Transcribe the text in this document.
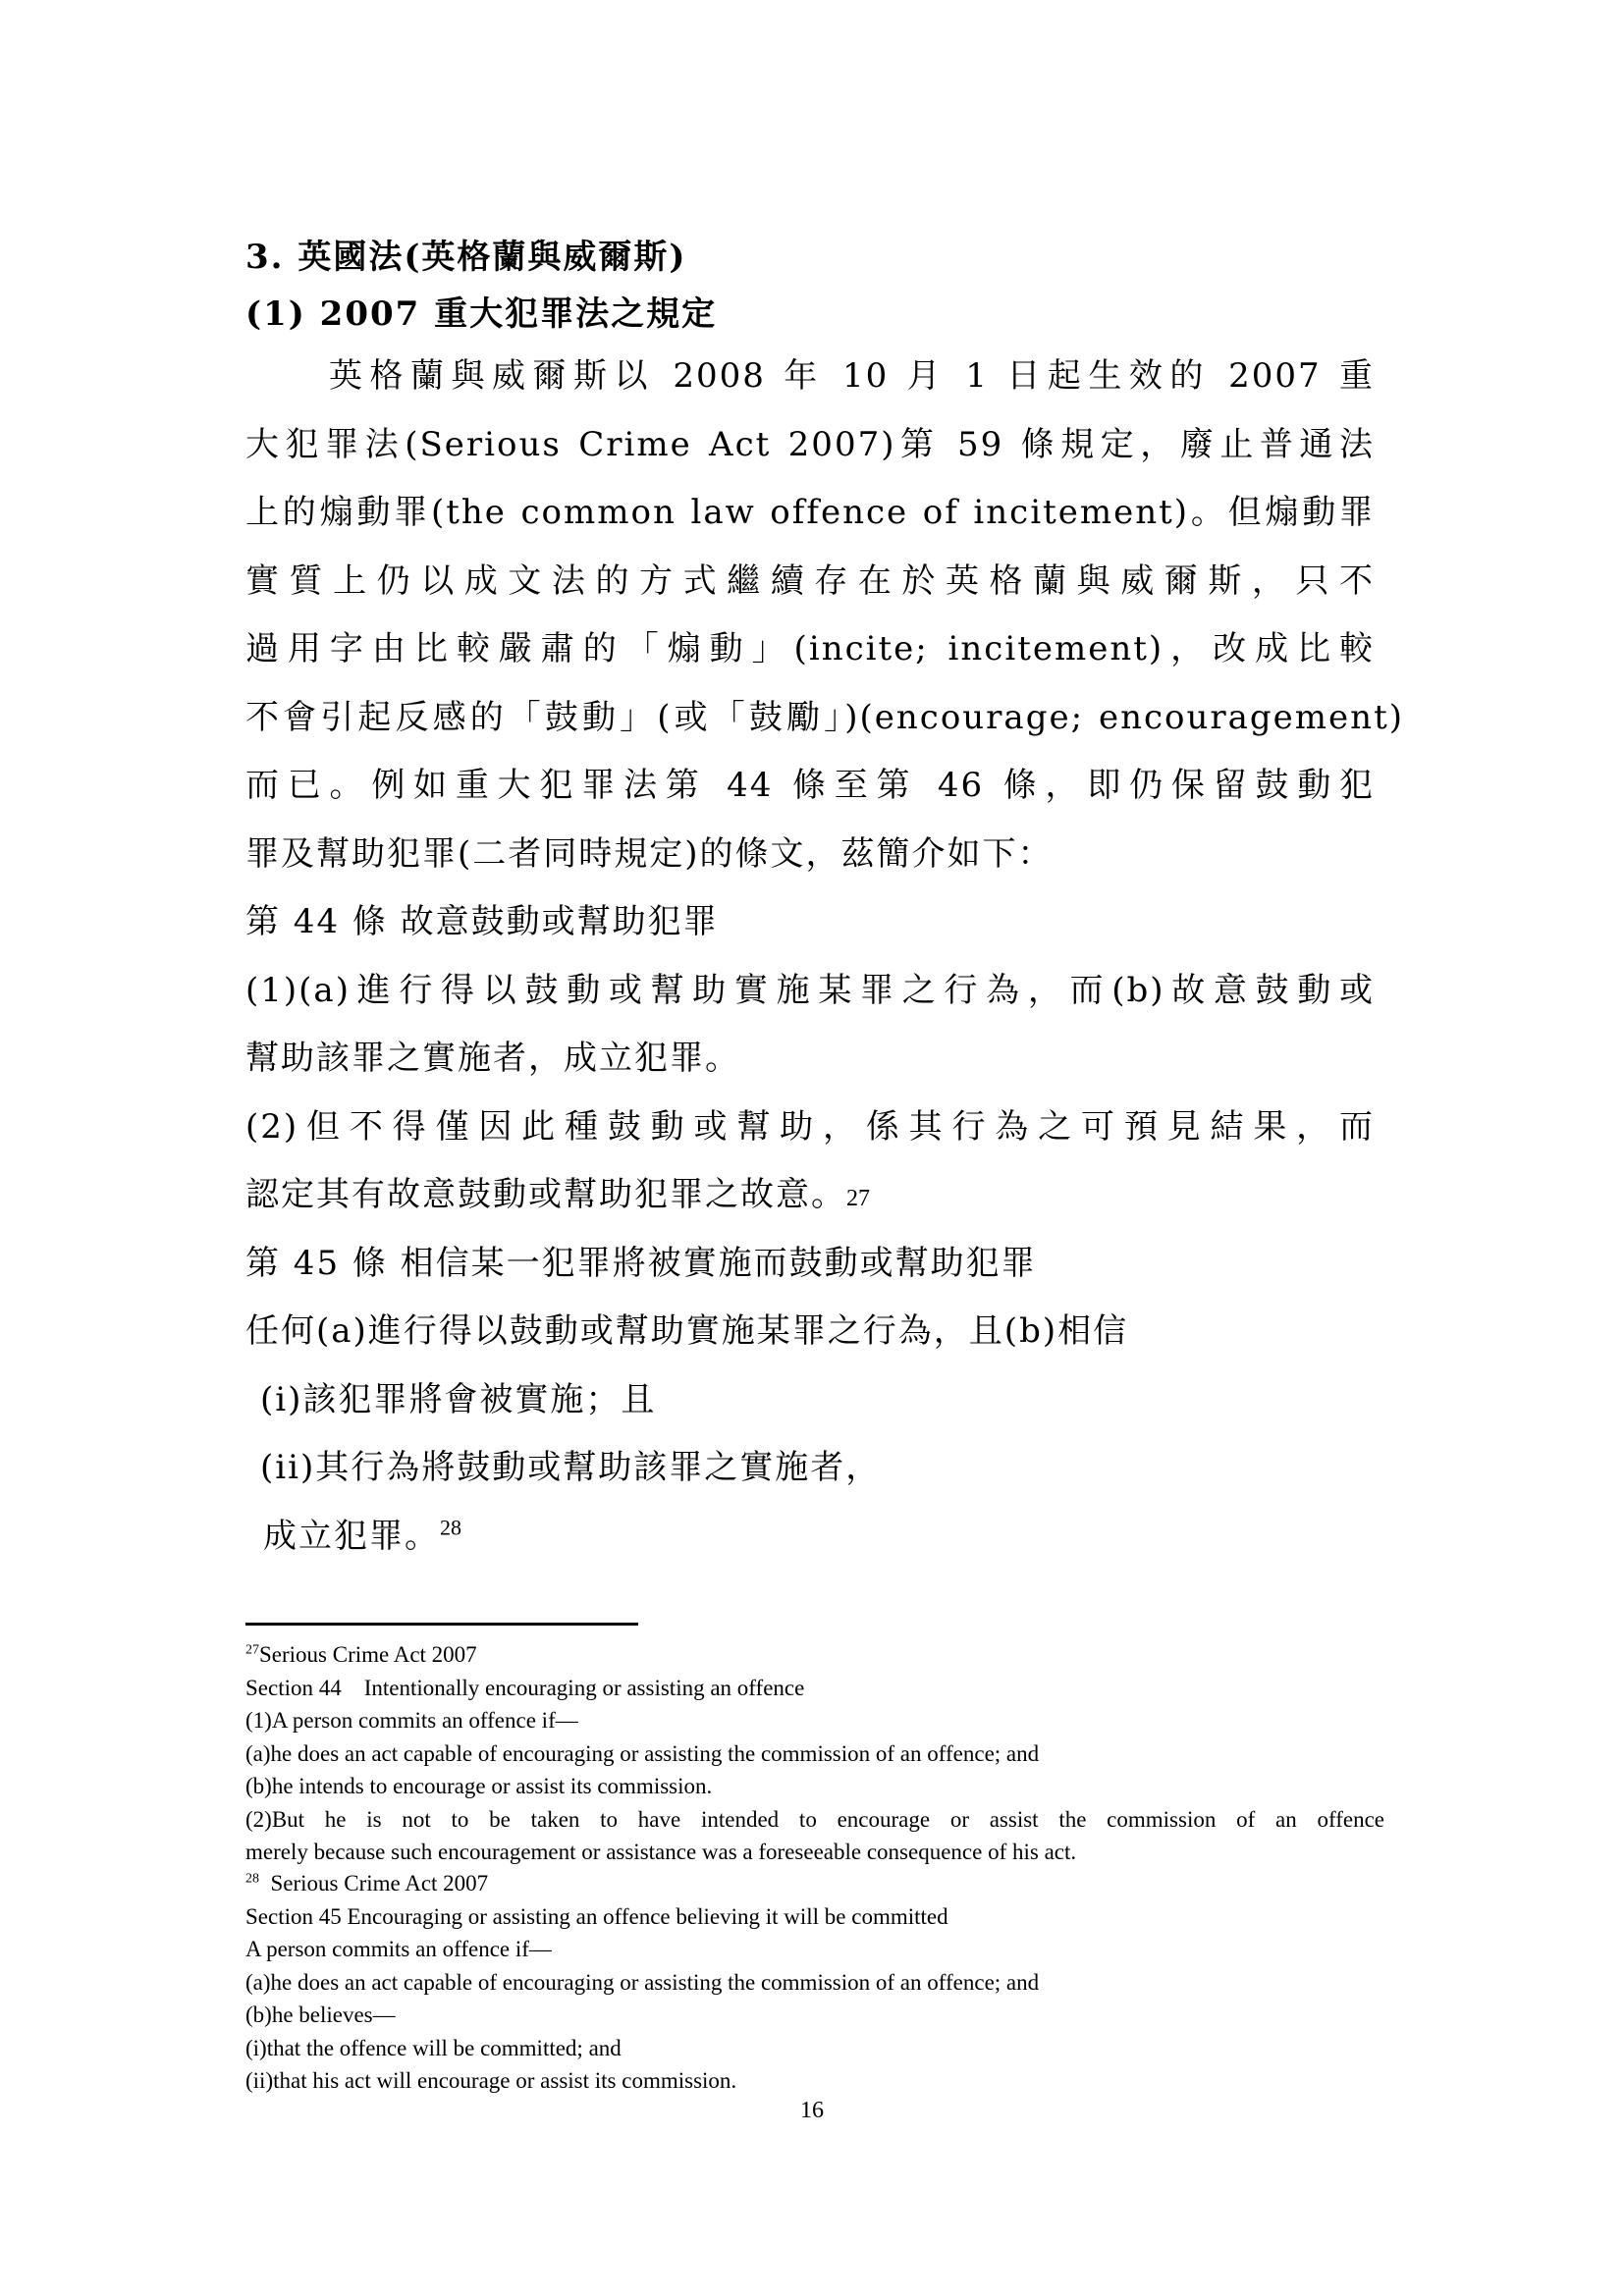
3. 英國法(英格蘭與威爾斯)
(1) 2007 重大犯罪法之規定
英格蘭與威爾斯以 2008 年 10 月 1 日起生效的 2007 重
大犯罪法(Serious Crime Act 2007)第 59 條規定，廢止普通法
上的煽動罪(the common law offence of incitement)。但煽動罪
實質上仍以成文法的方式繼續存在於英格蘭與威爾斯，只不
過用字由比較嚴肅的「煽動」(incite; incitement)，改成比較
不會引起反感的「鼓動」(或「鼓勵」)(encourage; encouragement)
而已。例如重大犯罪法第 44 條至第 46 條，即仍保留鼓動犯
罪及幫助犯罪(二者同時規定)的條文，茲簡介如下：
第 44 條 故意鼓動或幫助犯罪
(1)(a)進行得以鼓動或幫助實施某罪之行為，而(b)故意鼓動或
幫助該罪之實施者，成立犯罪。
(2)但不得僅因此種鼓動或幫助，係其行為之可預見結果，而
認定其有故意鼓動或幫助犯罪之故意。27
第 45 條 相信某一犯罪將被實施而鼓動或幫助犯罪
任何(a)進行得以鼓動或幫助實施某罪之行為，且(b)相信
(i)該犯罪將會被實施；且
(ii)其行為將鼓動或幫助該罪之實施者，
成立犯罪。$^{28}$
$^{27}$Serious Crime Act 2007
Section 44    Intentionally encouraging or assisting an offence
(1)A person commits an offence if—
(a)he does an act capable of encouraging or assisting the commission of an offence; and
(b)he intends to encourage or assist its commission.
(2)But he is not to be taken to have intended to encourage or assist the commission of an offence
merely because such encouragement or assistance was a foreseeable consequence of his act.
$^{28}$  Serious Crime Act 2007
Section 45 Encouraging or assisting an offence believing it will be committed
A person commits an offence if—
(a)he does an act capable of encouraging or assisting the commission of an offence; and
(b)he believes—
(i)that the offence will be committed; and
(ii)that his act will encourage or assist its commission.
16
